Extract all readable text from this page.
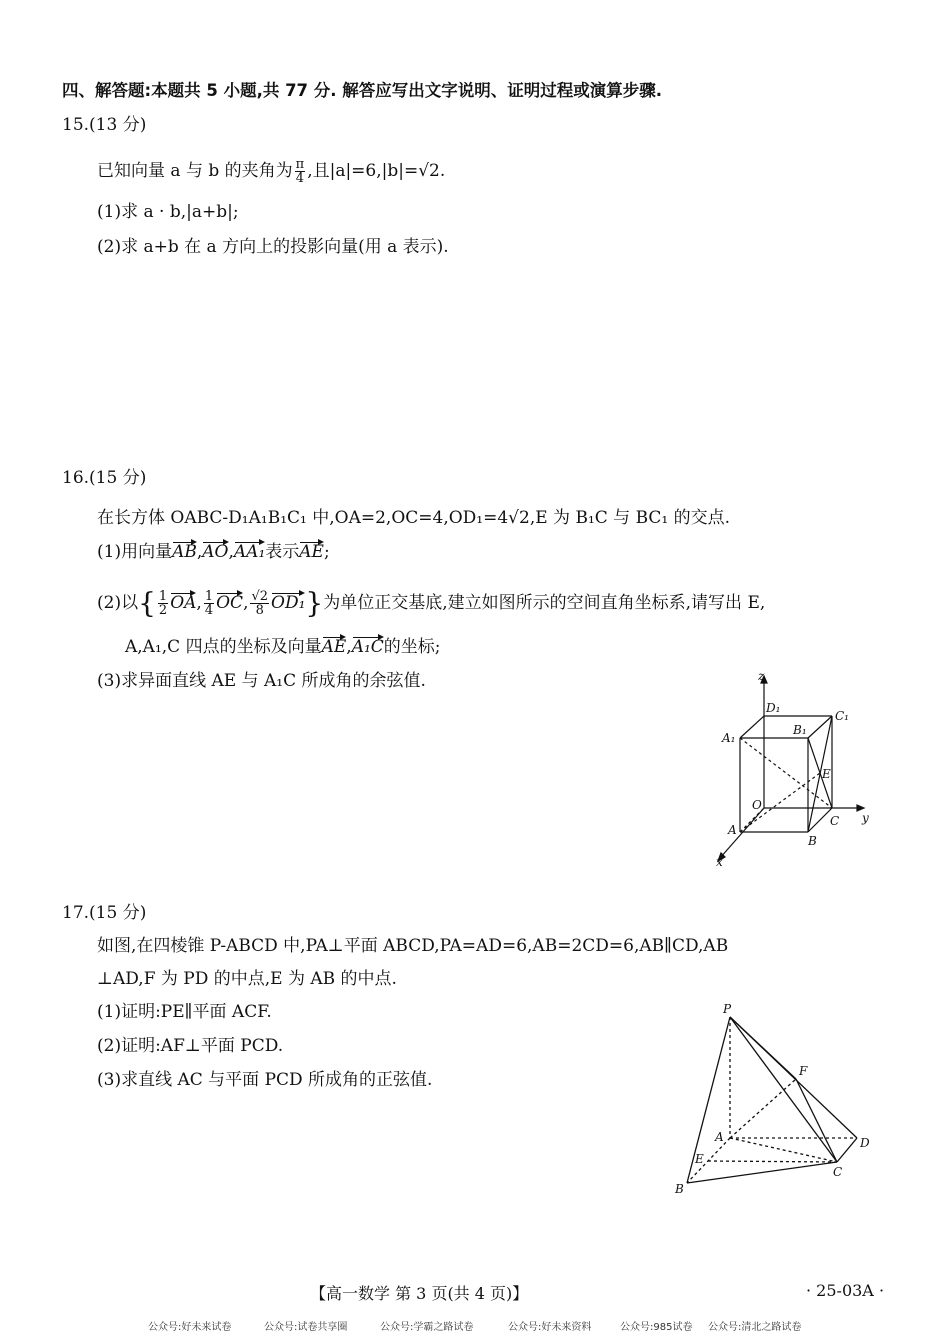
四、解答题:本题共 5 小题,共 77 分. 解答应写出文字说明、证明过程或演算步骤.
15.(13 分)
已知向量 a 与 b 的夹角为 $\frac{\pi}{4}$ ,且|a|=6,|b|=√2.
(1)求 a · b,|a+b|;
(2)求 a+b 在 a 方向上的投影向量(用 a 表示).
16.(15 分)
在长方体 OABC-D₁A₁B₁C₁ 中,OA=2,OC=4,OD₁=4√2,E 为 B₁C 与 BC₁ 的交点.
(1)用向量AB,AO,AA₁表示AE;
(2)以{ $\frac{1}{2}$ OA, $\frac{1}{4}$ OC, $\frac{√2}{8} OD_1$}为单位正交基底,建立如图所示的空间直角坐标系,请写出 E,
A,A₁,C 四点的坐标及向量AE,A₁C的坐标;
(3)求异面直线 AE 与 A₁C 所成角的余弦值.	z
D₁
C₁
A₁
B₁
E
O
y
A
C
B
x
17.(15 分)
如图,在四棱锥 P-ABCD 中,PA⊥平面 ABCD,PA=AD=6,AB=2CD=6,AB∥CD,AB
⊥AD,F 为 PD 的中点,E 为 AB 的中点.
(1)证明:PE∥平面 ACF.
(2)证明:AF⊥平面 PCD.
(3)求直线 AC 与平面 PCD 所成角的正弦值.
P
F
A	D
E
C
B
【高一数学 第 3 页(共 4 页)】	· 25-03A ·
公众号:好未来试卷	公众号:试卷共享圈	公众号:学霸之路试卷	公众号:好未来资料	公众号:985试卷 公众号:清北之路试卷
